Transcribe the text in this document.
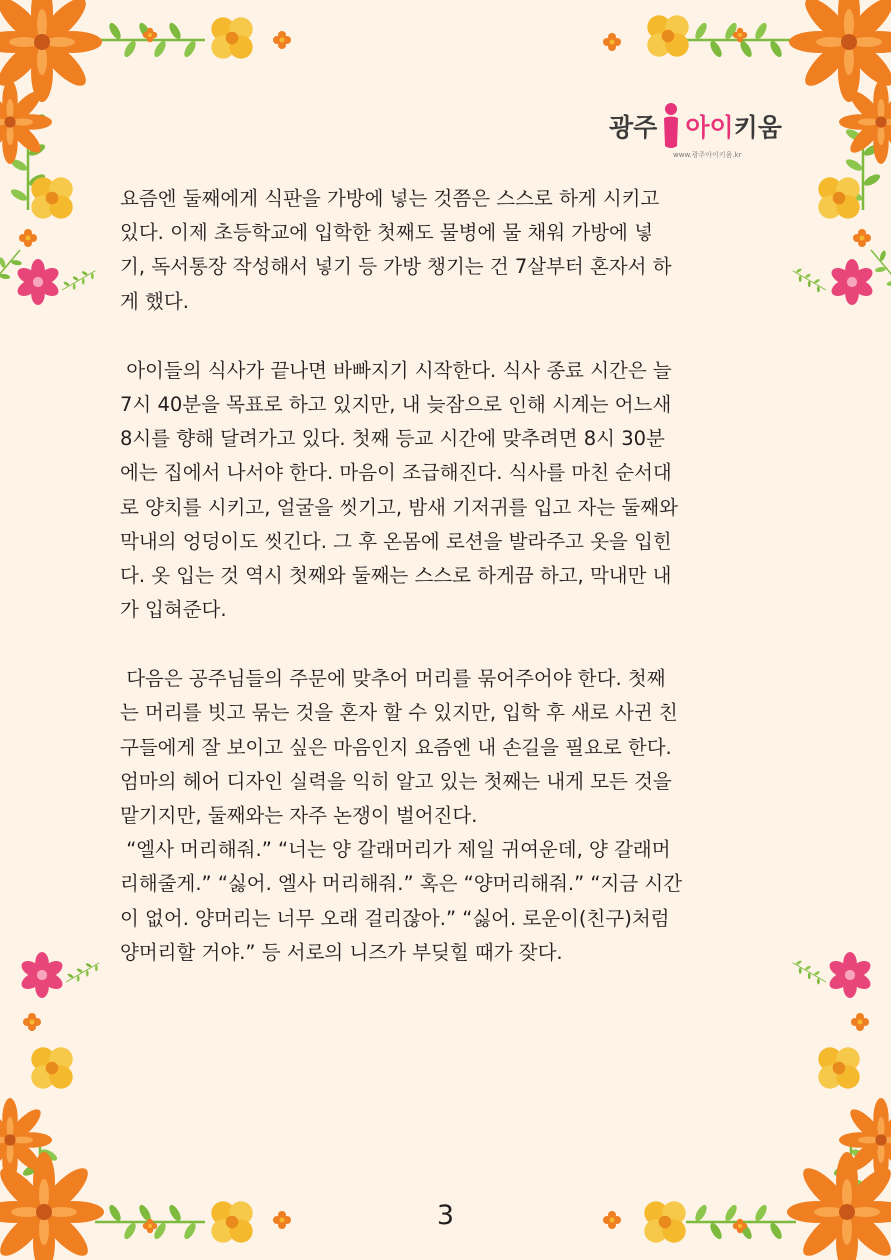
광주 아이 키움
www.광주아이키움.kr
요즘엔 둘째에게 식판을 가방에 넣는 것쯤은 스스로 하게 시키고
있다. 이제 초등학교에 입학한 첫째도 물병에 물 채워 가방에 넣
기, 독서통장 작성해서 넣기 등 가방 챙기는 건 7살부터 혼자서 하
게 했다.
아이들의 식사가 끝나면 바빠지기 시작한다. 식사 종료 시간은 늘
7시 40분을 목표로 하고 있지만, 내 늦잠으로 인해 시계는 어느새
8시를 향해 달려가고 있다. 첫째 등교 시간에 맞추려면 8시 30분
에는 집에서 나서야 한다. 마음이 조급해진다. 식사를 마친 순서대
로 양치를 시키고, 얼굴을 씻기고, 밤새 기저귀를 입고 자는 둘째와
막내의 엉덩이도 씻긴다. 그 후 온몸에 로션을 발라주고 옷을 입힌
다. 옷 입는 것 역시 첫째와 둘째는 스스로 하게끔 하고, 막내만 내
가 입혀준다.
다음은 공주님들의 주문에 맞추어 머리를 묶어주어야 한다. 첫째
는 머리를 빗고 묶는 것을 혼자 할 수 있지만, 입학 후 새로 사귄 친
구들에게 잘 보이고 싶은 마음인지 요즘엔 내 손길을 필요로 한다.
엄마의 헤어 디자인 실력을 익히 알고 있는 첫째는 내게 모든 것을
맡기지만, 둘째와는 자주 논쟁이 벌어진다.
“엘사 머리해줘.” “너는 양 갈래머리가 제일 귀여운데, 양 갈래머
리해줄게.” “싫어. 엘사 머리해줘.” 혹은 “양머리해줘.” “지금 시간
이 없어. 양머리는 너무 오래 걸리잖아.” “싫어. 로운이(친구)처럼
양머리할 거야.” 등 서로의 니즈가 부딪힐 때가 잦다.
3
